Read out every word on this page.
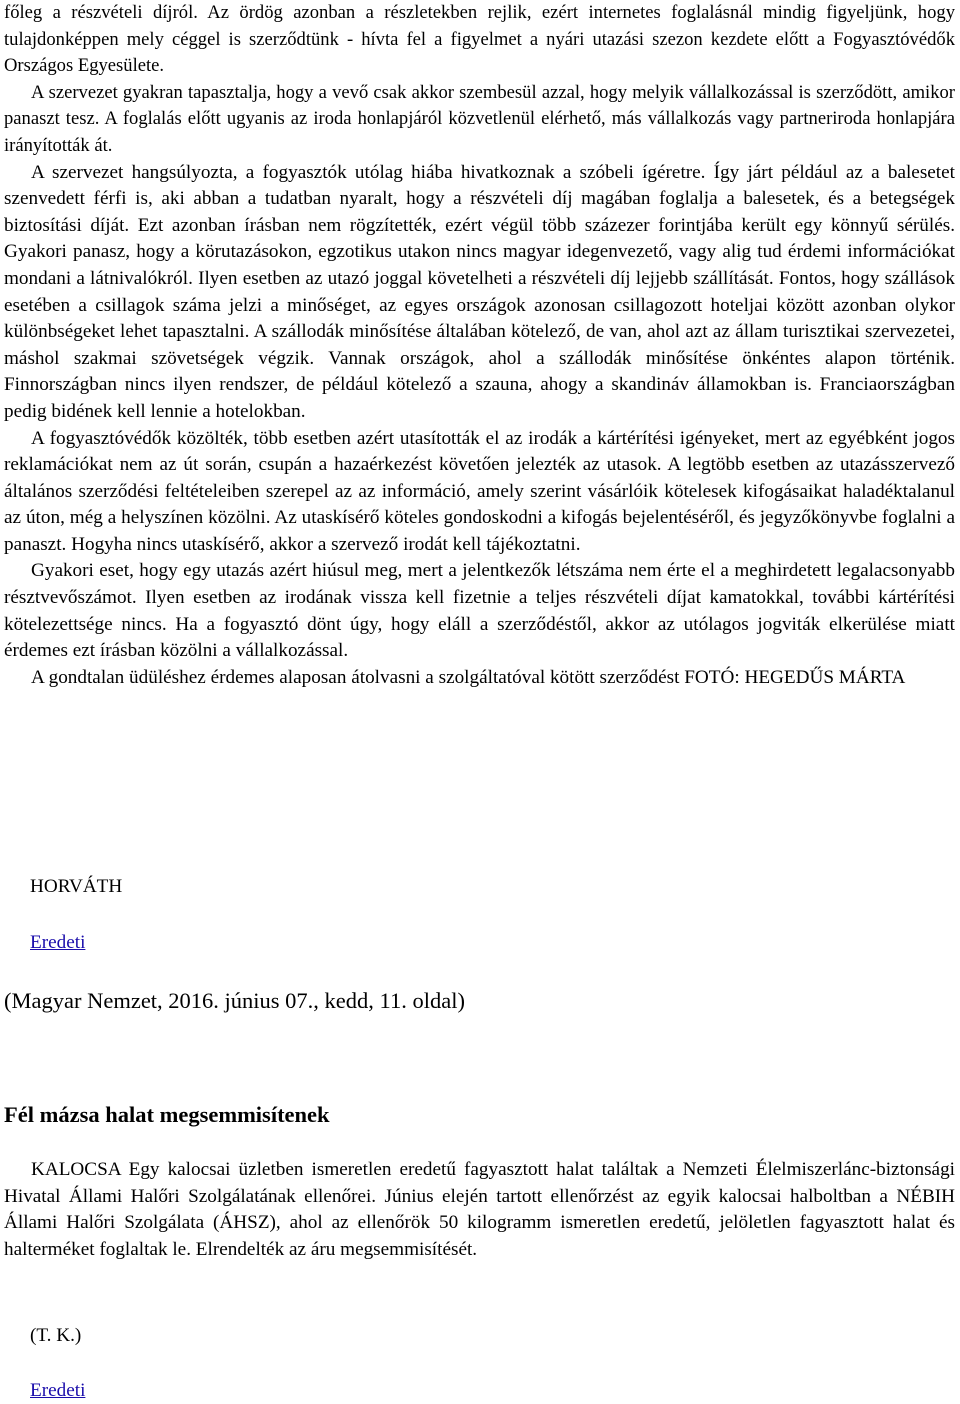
főleg a részvételi díjról. Az ördög azonban a részletekben rejlik, ezért internetes foglalásnál mindig figyeljünk, hogy tulajdonképpen mely céggel is szerződtünk - hívta fel a figyelmet a nyári utazási szezon kezdete előtt a Fogyasztóvédők Országos Egyesülete.

A szervezet gyakran tapasztalja, hogy a vevő csak akkor szembesül azzal, hogy melyik vállalkozással is szerződött, amikor panaszt tesz. A foglalás előtt ugyanis az iroda honlapjáról közvetlenül elérhető, más vállalkozás vagy partneriroda honlapjára irányították át.

A szervezet hangsúlyozta, a fogyasztók utólag hiába hivatkoznak a szóbeli ígéretre. Így járt például az a balesetet szenvedett férfi is, aki abban a tudatban nyaralt, hogy a részvételi díj magában foglalja a balesetek, és a betegségek biztosítási díját. Ezt azonban írásban nem rögzítették, ezért végül több százezer forintjába került egy könnyű sérülés. Gyakori panasz, hogy a körutazásokon, egzotikus utakon nincs magyar idegenvezető, vagy alig tud érdemi információkat mondani a látnivalókról. Ilyen esetben az utazó joggal követelheti a részvételi díj lejjebb szállítását. Fontos, hogy szállások esetében a csillagok száma jelzi a minőséget, az egyes országok azonosan csillagozott hoteljai között azonban olykor különbségeket lehet tapasztalni. A szállodák minősítése általában kötelező, de van, ahol azt az állam turisztikai szervezetei, máshol szakmai szövetségek végzik. Vannak országok, ahol a szállodák minősítése önkéntes alapon történik. Finnországban nincs ilyen rendszer, de például kötelező a szauna, ahogy a skandináv államokban is. Franciaországban pedig bidének kell lennie a hotelokban.

A fogyasztóvédők közölték, több esetben azért utasították el az irodák a kártérítési igényeket, mert az egyébként jogos reklamációkat nem az út során, csupán a hazaérkezést követően jelezték az utasok. A legtöbb esetben az utazásszervező általános szerződési feltételeiben szerepel az az információ, amely szerint vásárlóik kötelesek kifogásaikat haladéktalanul az úton, még a helyszínen közölni. Az utaskísérő köteles gondoskodni a kifogás bejelentéséről, és jegyzőkönyvbe foglalni a panaszt. Hogyha nincs utaskísérő, akkor a szervező irodát kell tájékoztatni.

Gyakori eset, hogy egy utazás azért hiúsul meg, mert a jelentkezők létszáma nem érte el a meghirdetett legalacsonyabb résztvevőszámot. Ilyen esetben az irodának vissza kell fizetnie a teljes részvételi díjat kamatokkal, további kártérítési kötelezettsége nincs. Ha a fogyasztó dönt úgy, hogy eláll a szerződéstől, akkor az utólagos jogviták elkerülése miatt érdemes ezt írásban közölni a vállalkozással.

A gondtalan üdüléshez érdemes alaposan átolvasni a szolgáltatóval kötött szerződést FOTÓ: HEGEDŰS MÁRTA

HORVÁTH
Eredeti
(Magyar Nemzet, 2016. június 07., kedd, 11. oldal)
Fél mázsa halat megsemmisítenek

KALOCSA Egy kalocsai üzletben ismeretlen eredetű fagyasztott halat találtak a Nemzeti Élelmiszerlánc-biztonsági Hivatal Állami Halőri Szolgálatának ellenőrei. Június elején tartott ellenőrzést az egyik kalocsai halboltban a NÉBIH Állami Halőri Szolgálata (ÁHSZ), ahol az ellenőrök 50 kilogramm ismeretlen eredetű, jelöletlen fagyasztott halat és halterméket foglaltak le. Elrendelték az áru megsemmisítését.

(T. K.)
Eredeti
